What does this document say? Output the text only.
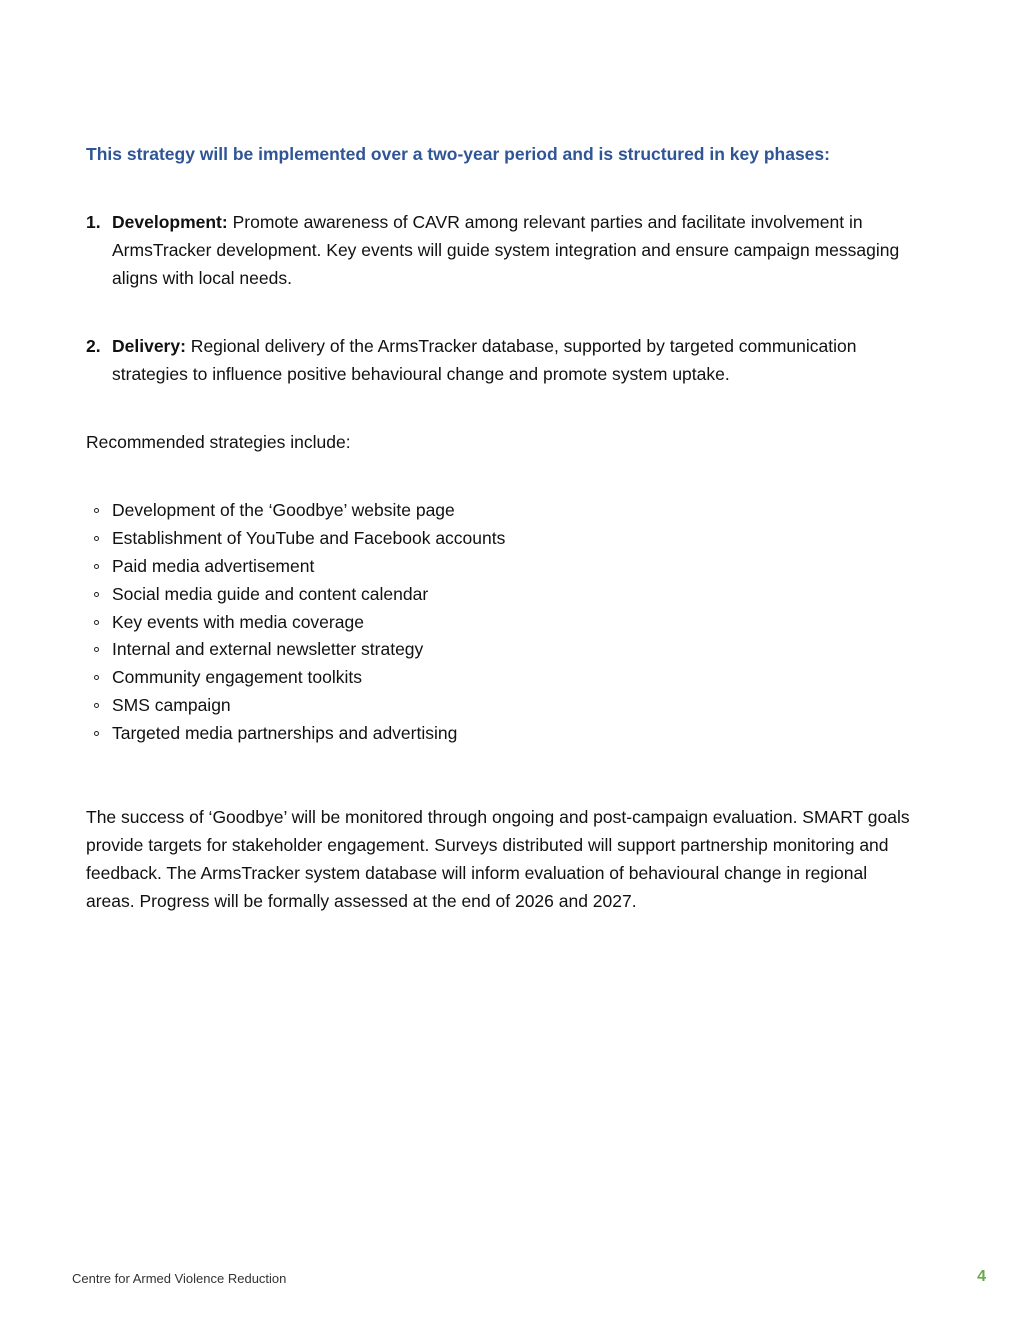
This strategy will be implemented over a two-year period and is structured in key phases:
1. Development: Promote awareness of CAVR among relevant parties and facilitate involvement in ArmsTracker development. Key events will guide system integration and ensure campaign messaging aligns with local needs.
2. Delivery: Regional delivery of the ArmsTracker database, supported by targeted communication strategies to influence positive behavioural change and promote system uptake.
Recommended strategies include:
Development of the ‘Goodbye’ website page
Establishment of YouTube and Facebook accounts
Paid media advertisement
Social media guide and content calendar
Key events with media coverage
Internal and external newsletter strategy
Community engagement toolkits
SMS campaign
Targeted media partnerships and advertising

The success of ‘Goodbye’ will be monitored through ongoing and post-campaign evaluation. SMART goals provide targets for stakeholder engagement. Surveys distributed will support partnership monitoring and feedback. The ArmsTracker system database will inform evaluation of behavioural change in regional areas. Progress will be formally assessed at the end of 2026 and 2027.

Centre for Armed Violence Reduction	4
